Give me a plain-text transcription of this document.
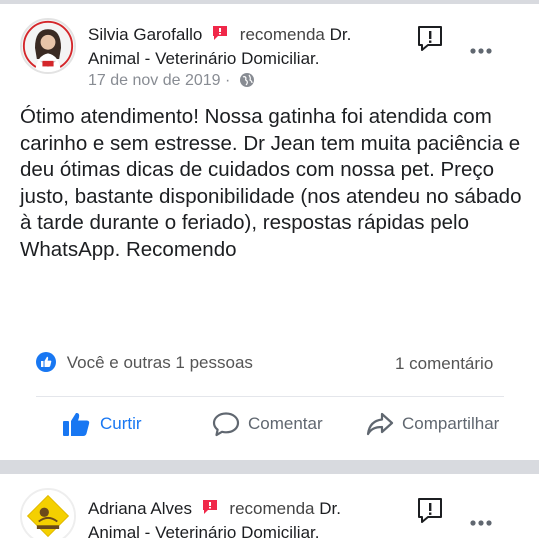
Silvia Garofallo recomenda Dr.
Animal - Veterinário Domiciliar.
17 de nov de 2019 ·
Ótimo atendimento! Nossa gatinha foi atendida com carinho e sem estresse. Dr Jean tem muita paciência e deu ótimas dicas de cuidados com nossa pet. Preço justo, bastante disponibilidade (nos atendeu no sábado à tarde durante o feriado), respostas rápidas pelo WhatsApp. Recomendo
Você e outras 1 pessoas	1 comentário
Curtir	Comentar	Compartilhar
Adriana Alves recomenda Dr.
Animal - Veterinário Domiciliar.
